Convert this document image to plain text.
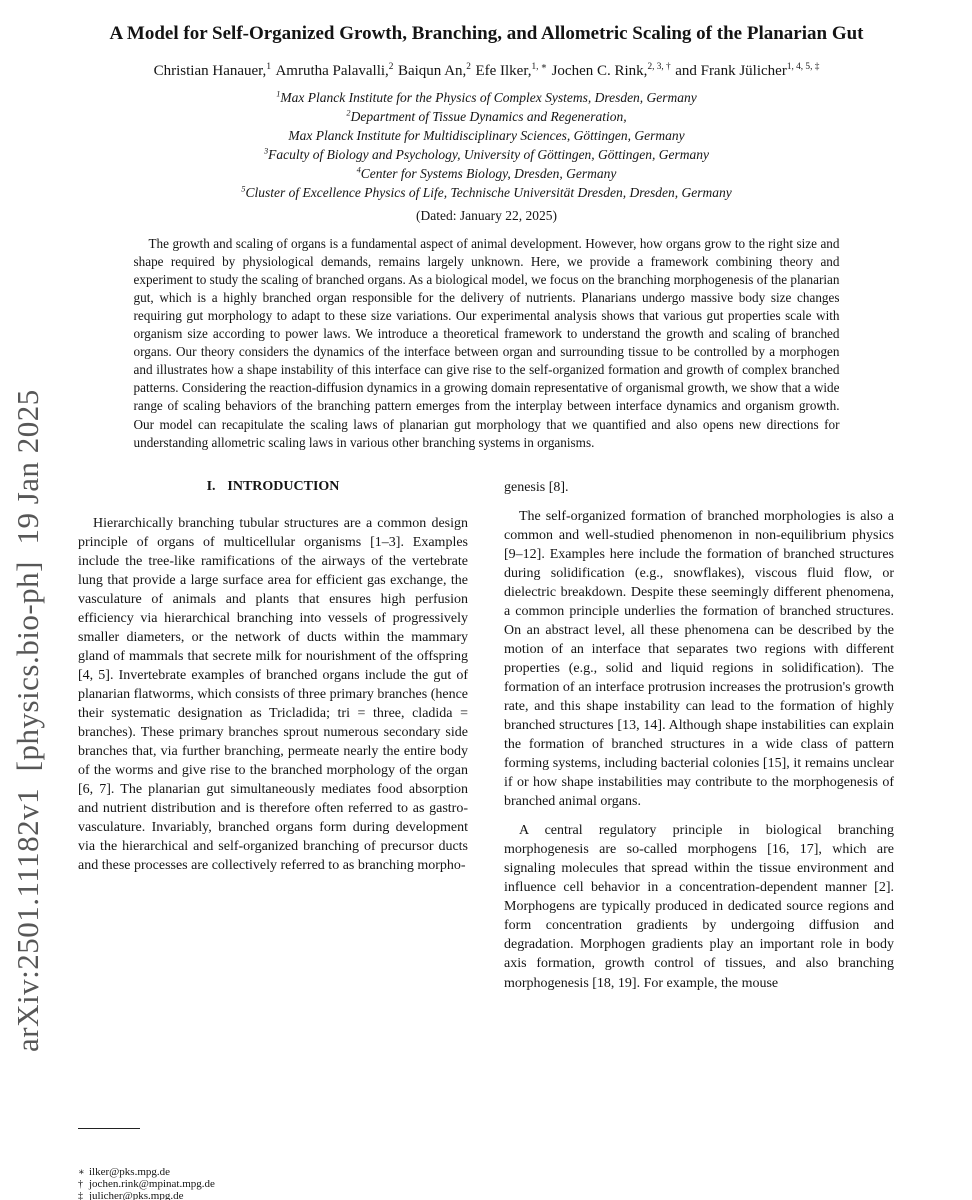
arXiv:2501.11182v1  [physics.bio-ph]  19 Jan 2025
A Model for Self-Organized Growth, Branching, and Allometric Scaling of the Planarian Gut
Christian Hanauer,$^1$ Amrutha Palavalli,$^2$ Baiqun An,$^2$ Efe Ilker,$^{1, ∗}$ Jochen C. Rink,$^{2, 3, \dagger}$ and Frank Jülicher$^{1, 4, 5, \ddagger}$
$^1$Max Planck Institute for the Physics of Complex Systems, Dresden, Germany
$^2$Department of Tissue Dynamics and Regeneration,
Max Planck Institute for Multidisciplinary Sciences, Göttingen, Germany
$^3$Faculty of Biology and Psychology, University of Göttingen, Göttingen, Germany
$^4$Center for Systems Biology, Dresden, Germany
$^5$Cluster of Excellence Physics of Life, Technische Universität Dresden, Dresden, Germany
(Dated: January 22, 2025)
The growth and scaling of organs is a fundamental aspect of animal development. However, how organs grow to the right size and shape required by physiological demands, remains largely unknown. Here, we provide a framework combining theory and experiment to study the scaling of branched organs. As a biological model, we focus on the branching morphogenesis of the planarian gut, which is a highly branched organ responsible for the delivery of nutrients. Planarians undergo massive body size changes requiring gut morphology to adapt to these size variations. Our experimental analysis shows that various gut properties scale with organism size according to power laws. We introduce a theoretical framework to understand the growth and scaling of branched organs. Our theory considers the dynamics of the interface between organ and surrounding tissue to be controlled by a morphogen and illustrates how a shape instability of this interface can give rise to the self-organized formation and growth of complex branched patterns. Considering the reaction-diffusion dynamics in a growing domain representative of organismal growth, we show that a wide range of scaling behaviors of the branching pattern emerges from the interplay between interface dynamics and organism growth. Our model can recapitulate the scaling laws of planarian gut morphology that we quantified and also opens new directions for understanding allometric scaling laws in various other branching systems in organisms.
I. INTRODUCTION

Hierarchically branching tubular structures are a common design principle of organs of multicellular organisms [1–3]. Examples include the tree-like ramifications of the airways of the vertebrate lung that provide a large surface area for efficient gas exchange, the vasculature of animals and plants that ensures high perfusion efficiency via hierarchical branching into vessels of progressively smaller diameters, or the network of ducts within the mammary gland of mammals that secrete milk for nourishment of the offspring [4, 5]. Invertebrate examples of branched organs include the gut of planarian flatworms, which consists of three primary branches (hence their systematic designation as Tricladida; tri = three, cladida = branches). These primary branches sprout numerous secondary side branches that, via further branching, permeate nearly the entire body of the worms and give rise to the branched morphology of the organ [6, 7]. The planarian gut simultaneously mediates food absorption and nutrient distribution and is therefore often referred to as gastro-vasculature. Invariably, branched organs form during development via the hierarchical and self-organized branching of precursor ducts and these processes are collectively referred to as branching morpho-

genesis [8].

The self-organized formation of branched morphologies is also a common and well-studied phenomenon in non-equilibrium physics [9–12]. Examples here include the formation of branched structures during solidification (e.g., snowflakes), viscous fluid flow, or dielectric breakdown. Despite these seemingly different phenomena, a common principle underlies the formation of branched structures. On an abstract level, all these phenomena can be described by the motion of an interface that separates two regions with different properties (e.g., solid and liquid regions in solidification). The formation of an interface protrusion increases the protrusion's growth rate, and this shape instability can lead to the formation of highly branched structures [13, 14]. Although shape instabilities can explain the formation of branched structures in a wide class of pattern forming systems, including bacterial colonies [15], it remains unclear if or how shape instabilities may contribute to the morphogenesis of branched animal organs.

A central regulatory principle in biological branching morphogenesis are so-called morphogens [16, 17], which are signaling molecules that spread within the tissue environment and influence cell behavior in a concentration-dependent manner [2]. Morphogens are typically produced in dedicated source regions and form concentration gradients by undergoing diffusion and degradation. Morphogen gradients play an important role in body axis formation, growth control of tissues, and also branching morphogenesis [18, 19]. For example, the mouse

∗ ilker@pks.mpg.de
† jochen.rink@mpinat.mpg.de
‡ julicher@pks.mpg.de
